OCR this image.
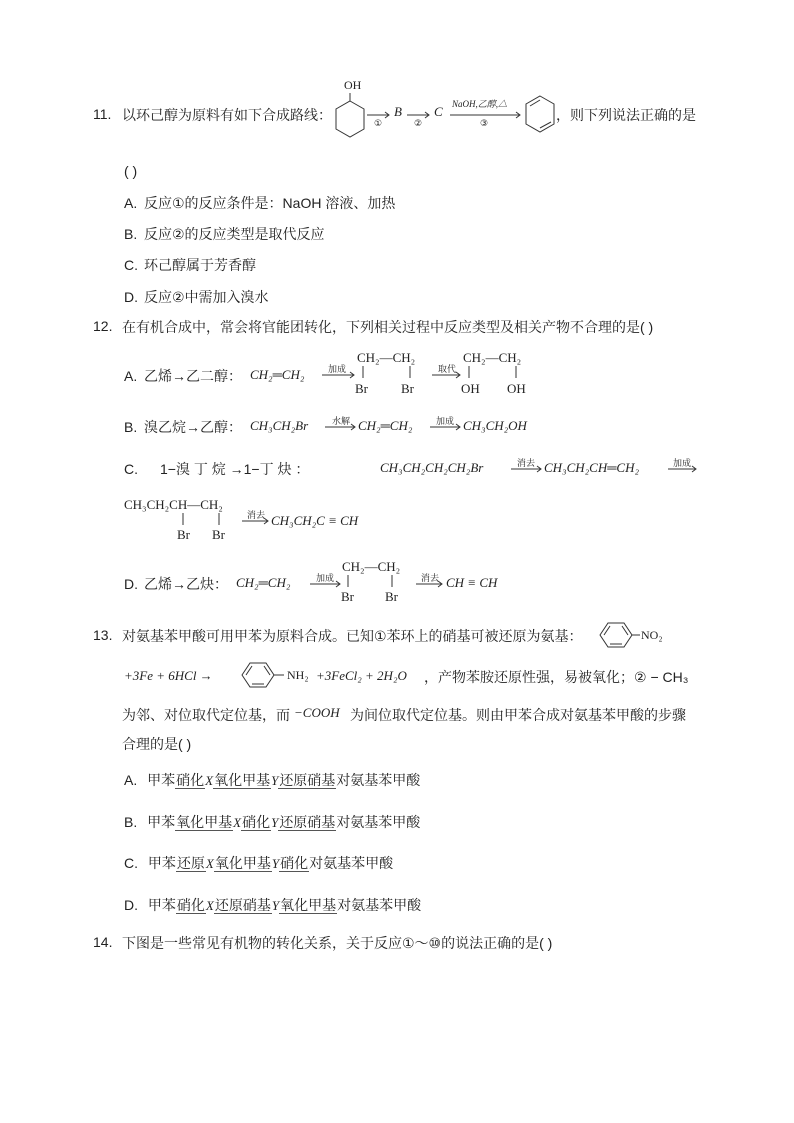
11. 以环己醇为原料有如下合成路线：
OH
①
B
②
C NaOH,乙醇,△
③	，则下列说法正确的是
( )
A. 反应①的反应条件是：NaOH 溶液、加热
B. 反应②的反应类型是取代反应
C. 环己醇属于芳香醇
D. 反应②中需加入溴水
12. 在有机合成中，常会将官能团转化，下列相关过程中反应类型及相关产物不合理的是( )
A. 乙烯→乙二醇： CH₂═CH₂	加成
CH₂—CH₂
Br	Br
取代
CH₂—CH₂
OH OH
B. 溴乙烷→乙醇： CH₃CH₂Br	水解 CH₂═CH₂	加成 CH₃CH₂OH
C. 1−溴 丁 烷 →1−丁 炔 ：	CH₃CH₂CH₂CH₂Br	消去 CH₃CH₂CH═CH₂	加成
CH₃CH₂CH—CH₂
Br Br
消去 CH₃CH₂C ≡ CH
D. 乙烯→乙炔： CH₂═CH₂	加成
CH₂—CH₂
Br Br
消去 CH ≡ CH
13. 对氨基苯甲酸可用甲苯为原料合成。已知①苯环上的硝基可被还原为氨基：	NO₂
+3Fe + 6HCl →	NH₂ +3FeCl₂ + 2H₂O ，产物苯胺还原性强，易被氧化；② − CH₃
为邻、对位取代定位基，而 −COOH 为间位取代定位基。则由甲苯合成对氨基苯甲酸的步骤
合理的是( )
A. 甲苯硝化X氧化甲基Y还原硝基对氨基苯甲酸
B. 甲苯氧化甲基X硝化Y还原硝基对氨基苯甲酸
C. 甲苯还原X氧化甲基Y硝化对氨基苯甲酸
D. 甲苯硝化X还原硝基Y氧化甲基对氨基苯甲酸
14. 下图是一些常见有机物的转化关系，关于反应①～⑩的说法正确的是( )
